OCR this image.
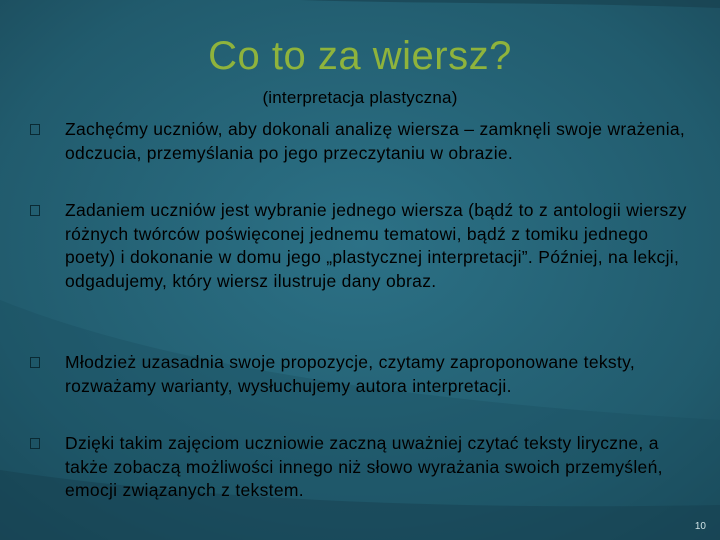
Co to za wiersz?

(interpretacja plastyczna)

Zachęćmy uczniów, aby dokonali analizę wiersza – zamknęli swoje wrażenia, odczucia, przemyślania po jego przeczytaniu w obrazie.
Zadaniem uczniów jest wybranie jednego wiersza (bądź to z antologii wierszy różnych twórców poświęconej jednemu tematowi, bądź z tomiku jednego poety) i dokonanie w domu jego „plastycznej interpretacji”. Później, na lekcji, odgadujemy, który wiersz ilustruje dany obraz.
Młodzież uzasadnia swoje propozycje, czytamy zaproponowane teksty, rozważamy warianty, wysłuchujemy autora interpretacji.
Dzięki takim zajęciom uczniowie zaczną uważniej czytać teksty liryczne, a także zobaczą możliwości innego niż słowo wyrażania swoich przemyśleń, emocji związanych z tekstem.
10
